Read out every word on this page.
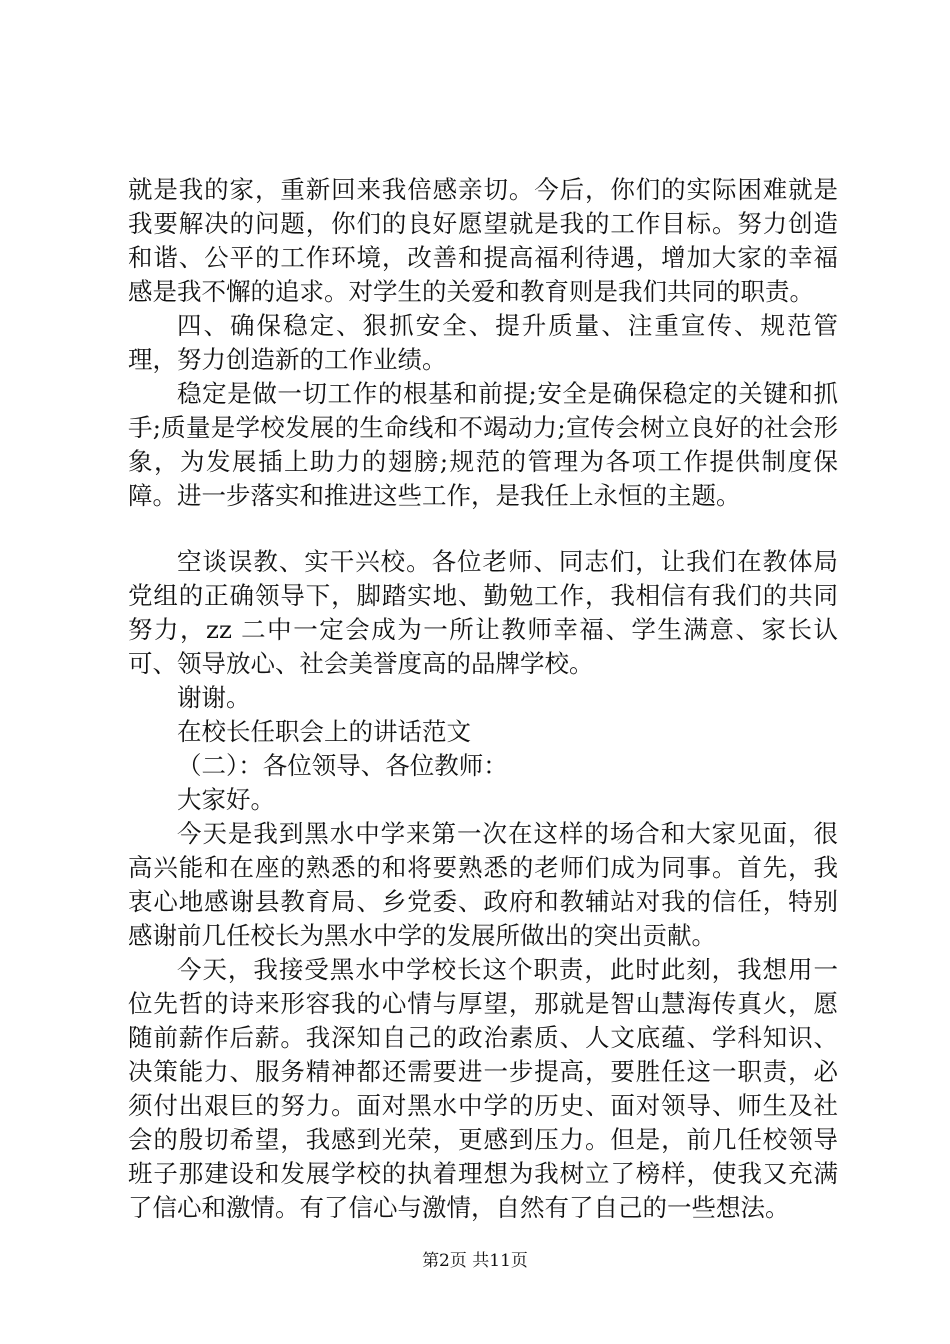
就是我的家，重新回来我倍感亲切。今后，你们的实际困难就是我要解决的问题，你们的良好愿望就是我的工作目标。努力创造和谐、公平的工作环境，改善和提高福利待遇，增加大家的幸福感是我不懈的追求。对学生的关爱和教育则是我们共同的职责。

四、确保稳定、狠抓安全、提升质量、注重宣传、规范管理，努力创造新的工作业绩。

稳定是做一切工作的根基和前提;安全是确保稳定的关键和抓手;质量是学校发展的生命线和不竭动力;宣传会树立良好的社会形象，为发展插上助力的翅膀;规范的管理为各项工作提供制度保障。进一步落实和推进这些工作，是我任上永恒的主题。

空谈误教、实干兴校。各位老师、同志们，让我们在教体局党组的正确领导下，脚踏实地、勤勉工作，我相信有我们的共同努力，zz 二中一定会成为一所让教师幸福、学生满意、家长认可、领导放心、社会美誉度高的品牌学校。

谢谢。

在校长任职会上的讲话范文

（二）：各位领导、各位教师：

大家好。

今天是我到黑水中学来第一次在这样的场合和大家见面，很高兴能和在座的熟悉的和将要熟悉的老师们成为同事。首先，我衷心地感谢县教育局、乡党委、政府和教辅站对我的信任，特别感谢前几任校长为黑水中学的发展所做出的突出贡献。

今天，我接受黑水中学校长这个职责，此时此刻，我想用一位先哲的诗来形容我的心情与厚望，那就是智山慧海传真火，愿随前薪作后薪。我深知自己的政治素质、人文底蕴、学科知识、决策能力、服务精神都还需要进一步提高，要胜任这一职责，必须付出艰巨的努力。面对黑水中学的历史、面对领导、师生及社会的殷切希望，我感到光荣，更感到压力。但是，前几任校领导班子那建设和发展学校的执着理想为我树立了榜样，使我又充满了信心和激情。有了信心与激情，自然有了自己的一些想法。

第2页 共11页
